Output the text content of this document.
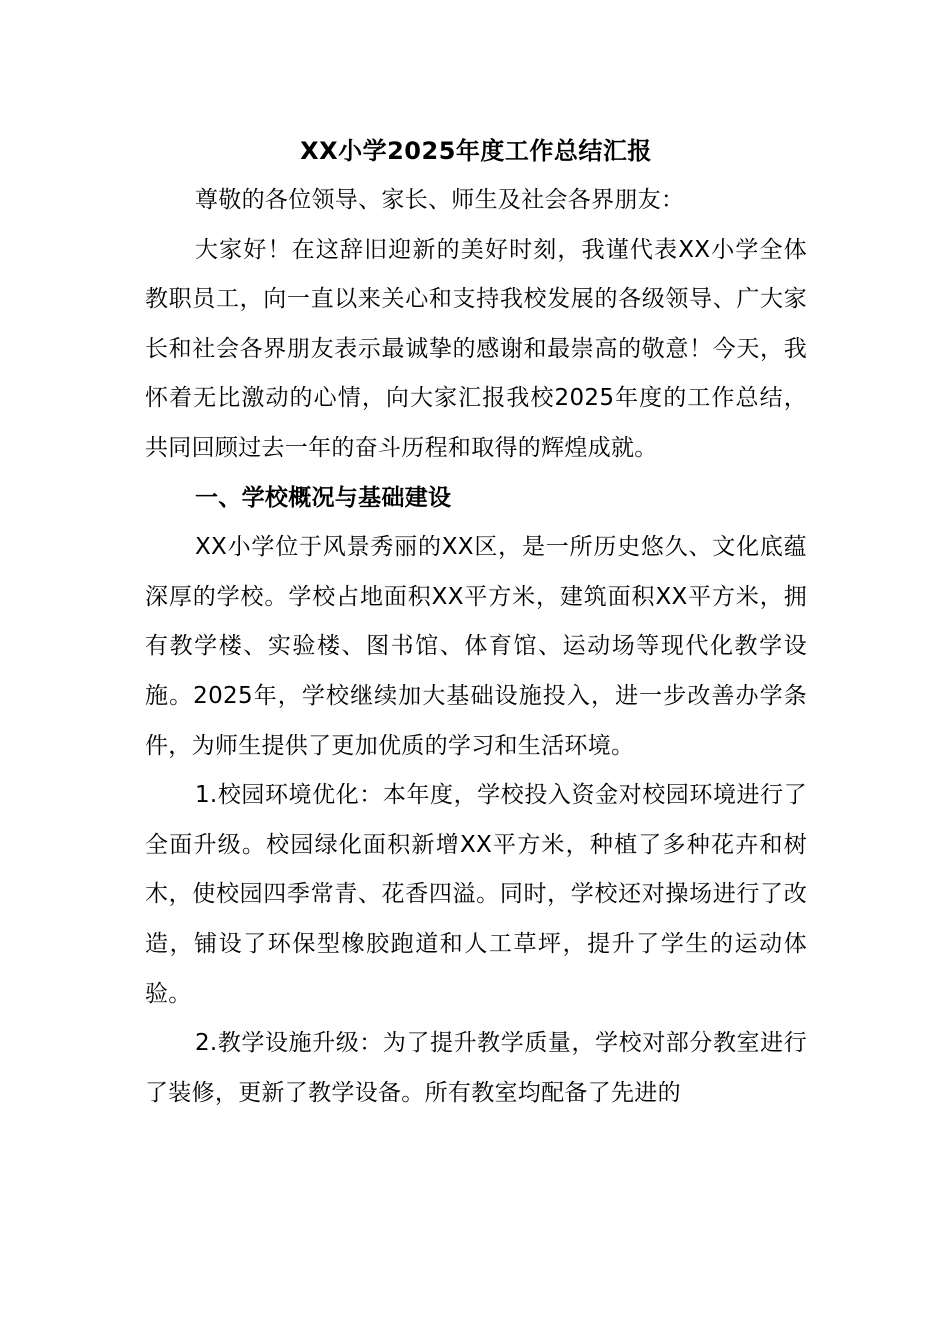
XX小学2025年度工作总结汇报

尊敬的各位领导、家长、师生及社会各界朋友：

大家好！在这辞旧迎新的美好时刻，我谨代表XX小学全体教职员工，向一直以来关心和支持我校发展的各级领导、广大家长和社会各界朋友表示最诚挚的感谢和最崇高的敬意！今天，我怀着无比激动的心情，向大家汇报我校2025年度的工作总结，共同回顾过去一年的奋斗历程和取得的辉煌成就。

一、学校概况与基础建设

XX小学位于风景秀丽的XX区，是一所历史悠久、文化底蕴深厚的学校。学校占地面积XX平方米，建筑面积XX平方米，拥有教学楼、实验楼、图书馆、体育馆、运动场等现代化教学设施。2025年，学校继续加大基础设施投入，进一步改善办学条件，为师生提供了更加优质的学习和生活环境。

1.校园环境优化：本年度，学校投入资金对校园环境进行了全面升级。校园绿化面积新增XX平方米，种植了多种花卉和树木，使校园四季常青、花香四溢。同时，学校还对操场进行了改造，铺设了环保型橡胶跑道和人工草坪，提升了学生的运动体验。

2.教学设施升级：为了提升教学质量，学校对部分教室进行了装修，更新了教学设备。所有教室均配备了先进的
